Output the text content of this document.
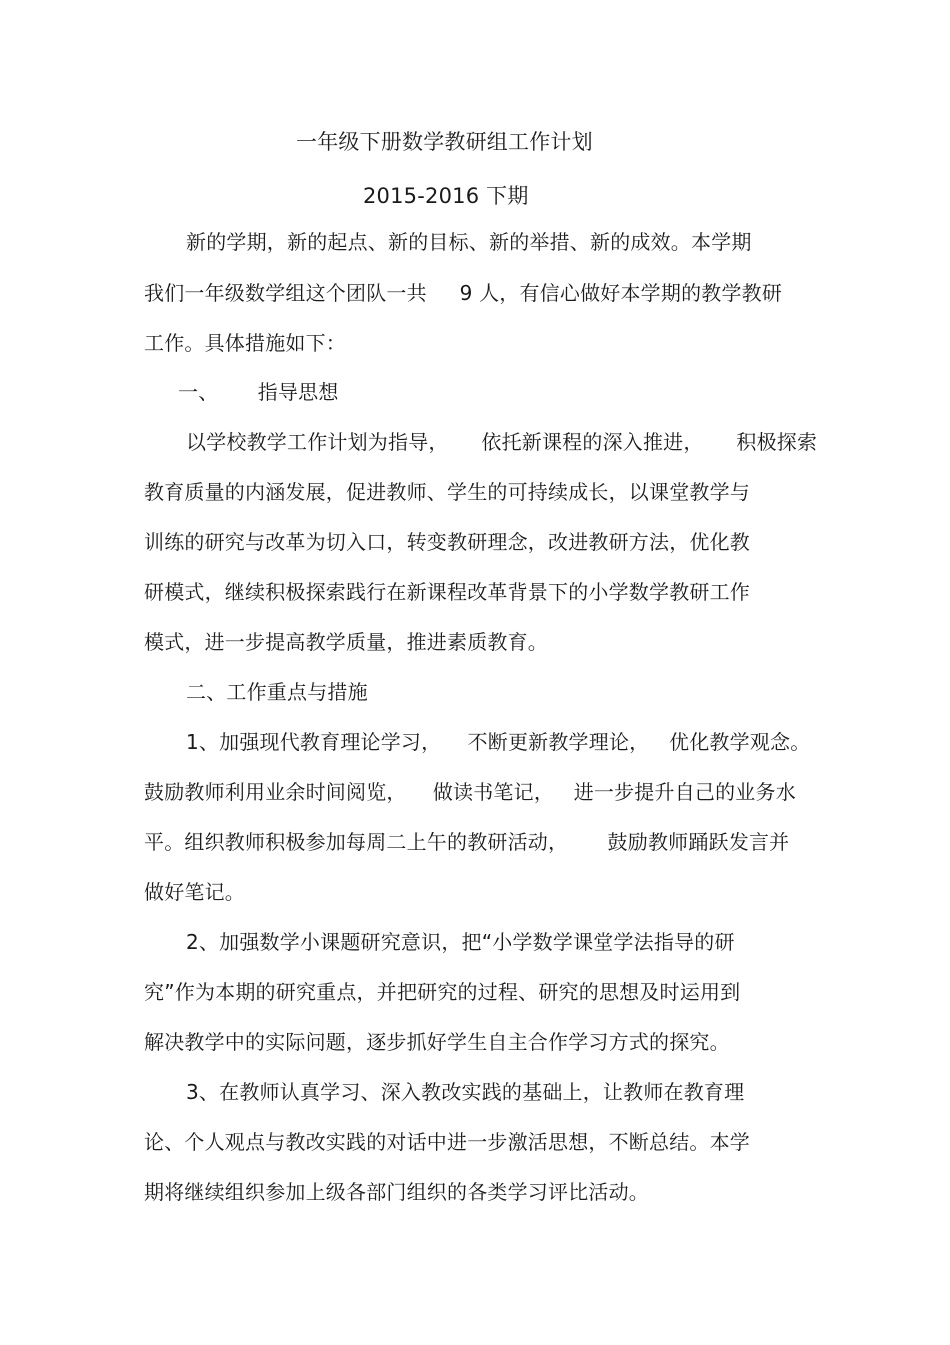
一年级下册数学教研组工作计划
2015-2016 下期
新的学期，新的起点、新的目标、新的举措、新的成效。本学期
我们一年级数学组这个团队一共     9 人，有信心做好本学期的教学教研
工作。具体措施如下：
一、      指导思想
以学校教学工作计划为指导，     依托新课程的深入推进，     积极探索
教育质量的内涵发展，促进教师、学生的可持续成长，以课堂教学与
训练的研究与改革为切入口，转变教研理念，改进教研方法，优化教
研模式，继续积极探索践行在新课程改革背景下的小学数学教研工作
模式，进一步提高教学质量，推进素质教育。
二、工作重点与措施
1、加强现代教育理论学习，    不断更新教学理论，   优化教学观念。
鼓励教师利用业余时间阅览，    做读书笔记，   进一步提升自己的业务水
平。组织教师积极参加每周二上午的教研活动，      鼓励教师踊跃发言并
做好笔记。
2、加强数学小课题研究意识，把“小学数学课堂学法指导的研
究”作为本期的研究重点，并把研究的过程、研究的思想及时运用到
解决教学中的实际问题，逐步抓好学生自主合作学习方式的探究。
3、在教师认真学习、深入教改实践的基础上，让教师在教育理
论、个人观点与教改实践的对话中进一步激活思想，不断总结。本学
期将继续组织参加上级各部门组织的各类学习评比活动。
